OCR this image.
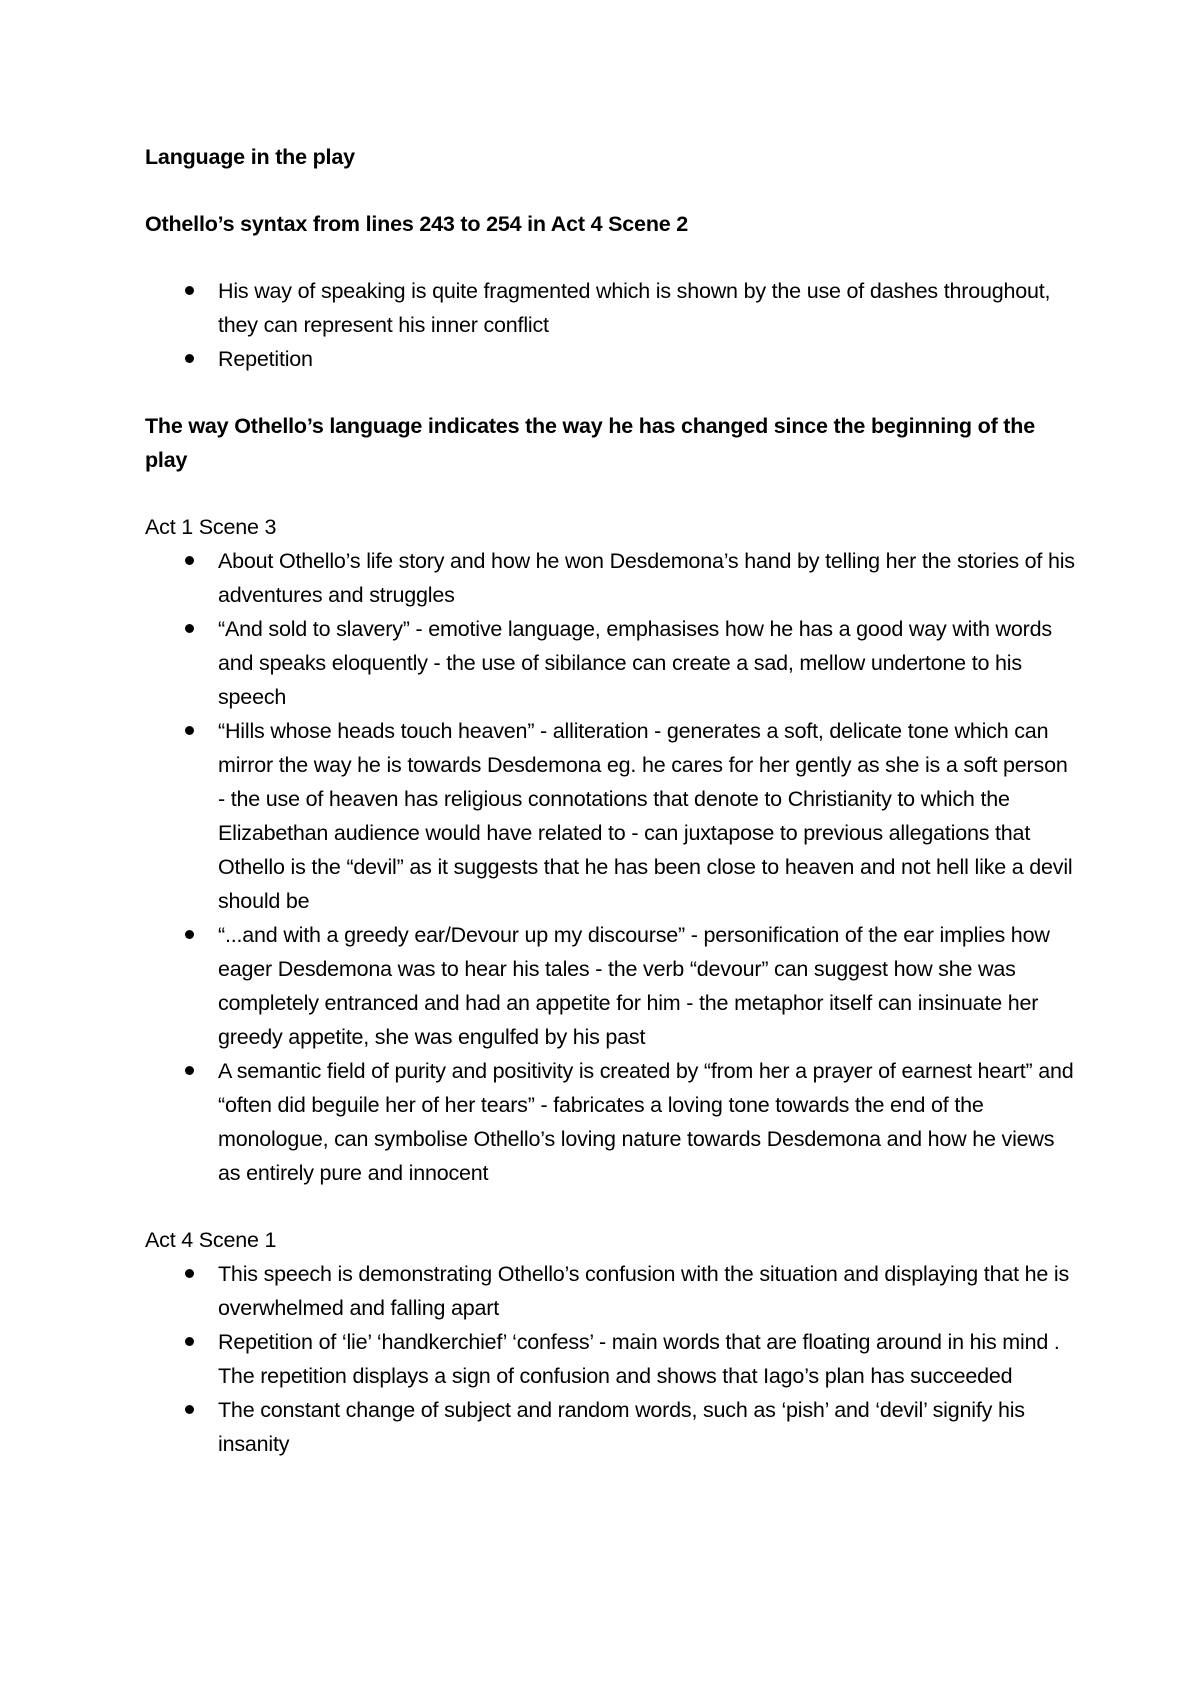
Language in the play

Othello’s syntax from lines 243 to 254 in Act 4 Scene 2

His way of speaking is quite fragmented which is shown by the use of dashes throughout, they can represent his inner conflict
Repetition

The way Othello’s language indicates the way he has changed since the beginning of the play

Act 1 Scene 3

About Othello’s life story and how he won Desdemona’s hand by telling her the stories of his adventures and struggles
“And sold to slavery” - emotive language, emphasises how he has a good way with words and speaks eloquently - the use of sibilance can create a sad, mellow undertone to his speech
“Hills whose heads touch heaven” - alliteration - generates a soft, delicate tone which can mirror the way he is towards Desdemona eg. he cares for her gently as she is a soft person - the use of heaven has religious connotations that denote to Christianity to which the Elizabethan audience would have related to - can juxtapose to previous allegations that Othello is the “devil” as it suggests that he has been close to heaven and not hell like a devil should be
“...and with a greedy ear/Devour up my discourse” - personification of the ear implies how eager Desdemona was to hear his tales - the verb “devour” can suggest how she was completely entranced and had an appetite for him - the metaphor itself can insinuate her greedy appetite, she was engulfed by his past
A semantic field of purity and positivity is created by “from her a prayer of earnest heart” and “often did beguile her of her tears” - fabricates a loving tone towards the end of the monologue, can symbolise Othello’s loving nature towards Desdemona and how he views as entirely pure and innocent

Act 4 Scene 1

This speech is demonstrating Othello’s confusion with the situation and displaying that he is overwhelmed and falling apart
Repetition of ‘lie’ ‘handkerchief’ ‘confess’ - main words that are floating around in his mind . The repetition displays a sign of confusion and shows that Iago’s plan has succeeded
The constant change of subject and random words, such as ‘pish’ and ‘devil’ signify his insanity
